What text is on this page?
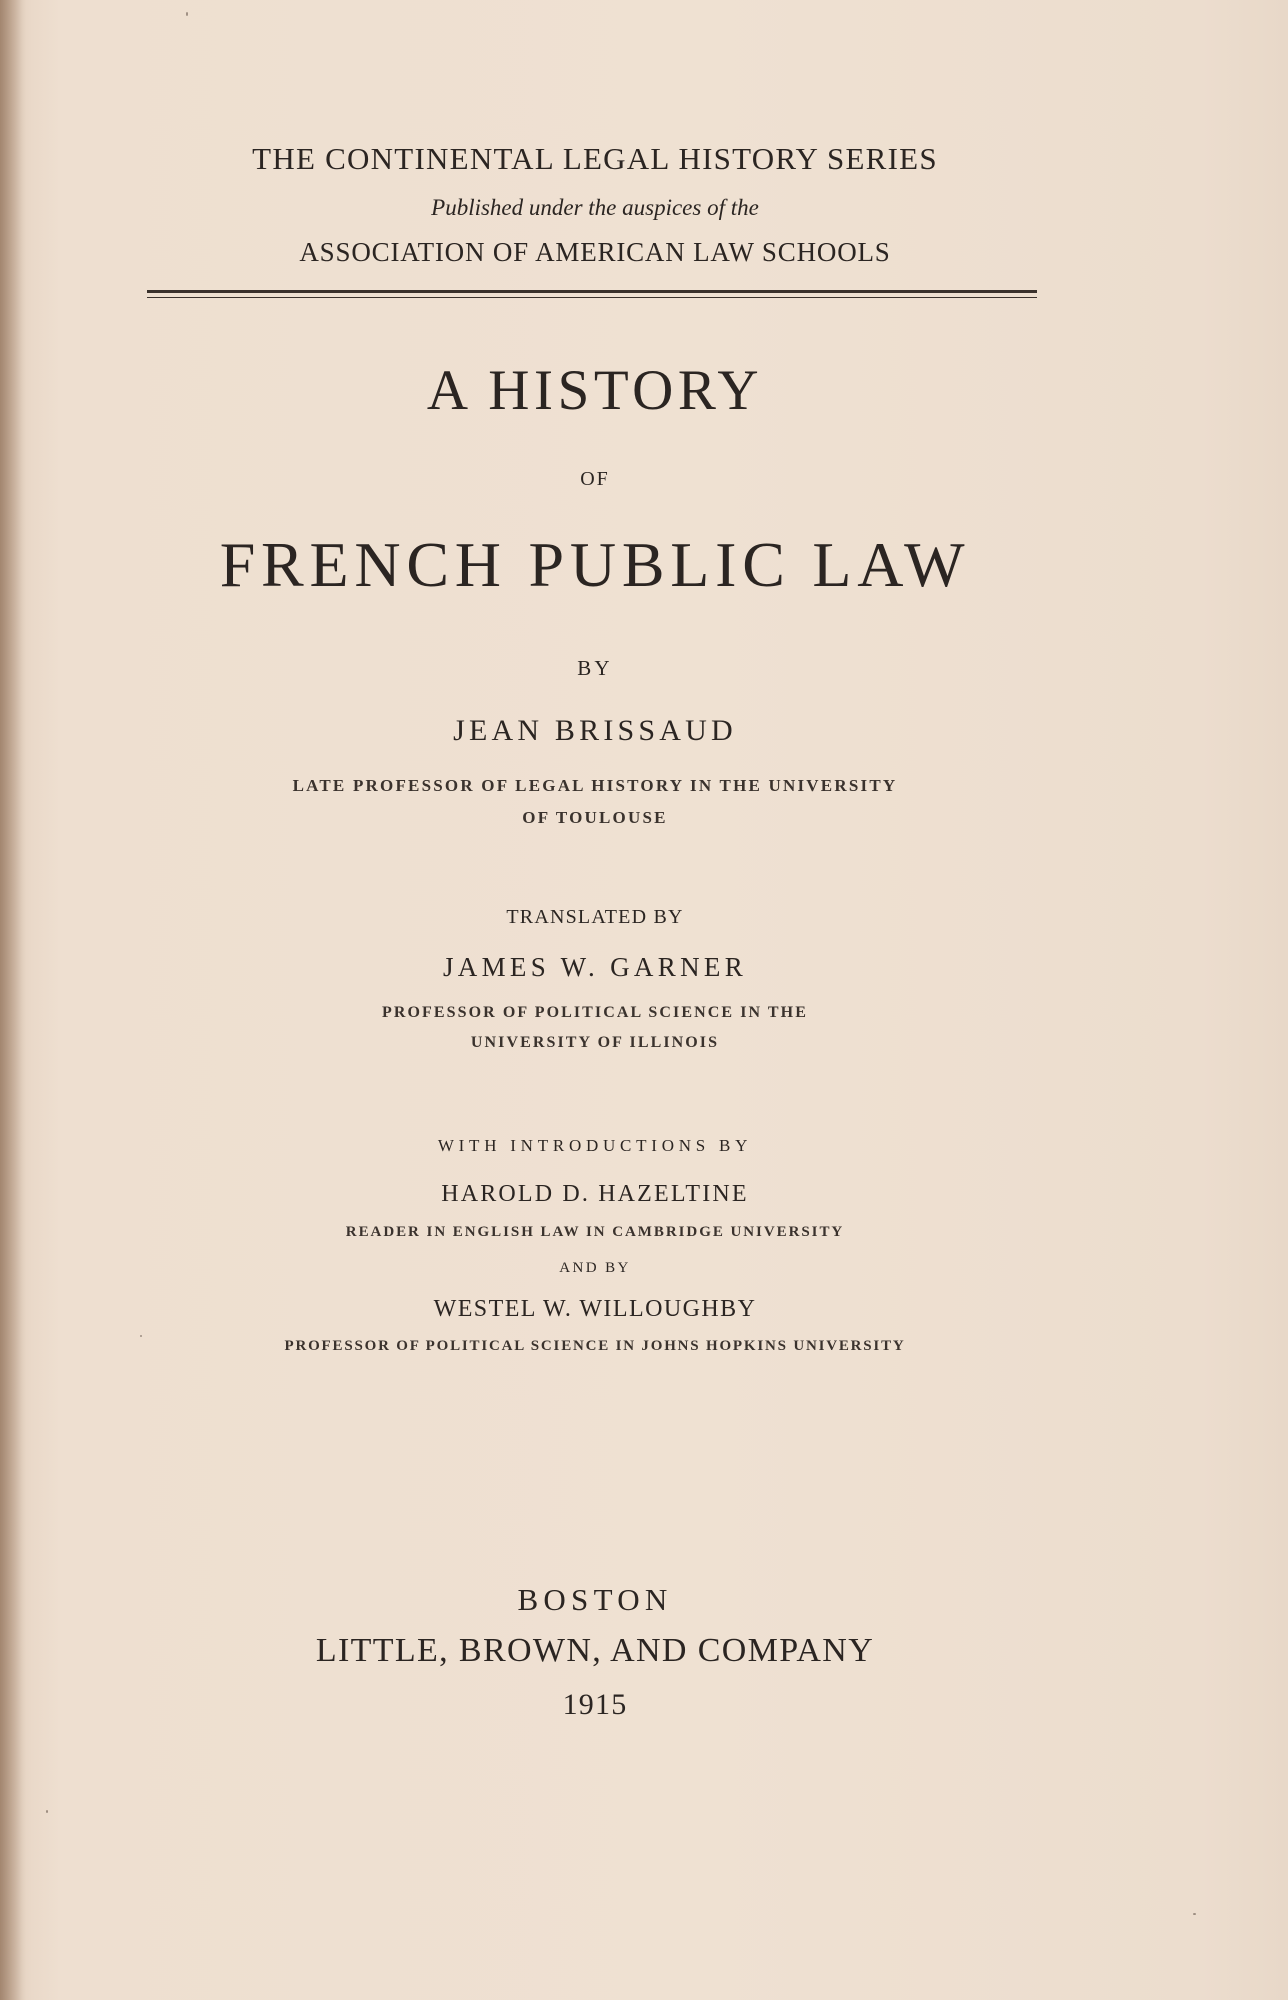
THE CONTINENTAL LEGAL HISTORY SERIES
Published under the auspices of the
ASSOCIATION OF AMERICAN LAW SCHOOLS
A HISTORY
OF
FRENCH PUBLIC LAW
BY
JEAN BRISSAUD
LATE PROFESSOR OF LEGAL HISTORY IN THE UNIVERSITY
OF TOULOUSE
TRANSLATED BY
JAMES W. GARNER
PROFESSOR OF POLITICAL SCIENCE IN THE
UNIVERSITY OF ILLINOIS
WITH INTRODUCTIONS BY
HAROLD D. HAZELTINE
READER IN ENGLISH LAW IN CAMBRIDGE UNIVERSITY
AND BY
WESTEL W. WILLOUGHBY
PROFESSOR OF POLITICAL SCIENCE IN JOHNS HOPKINS UNIVERSITY
BOSTON
LITTLE, BROWN, AND COMPANY
1915
